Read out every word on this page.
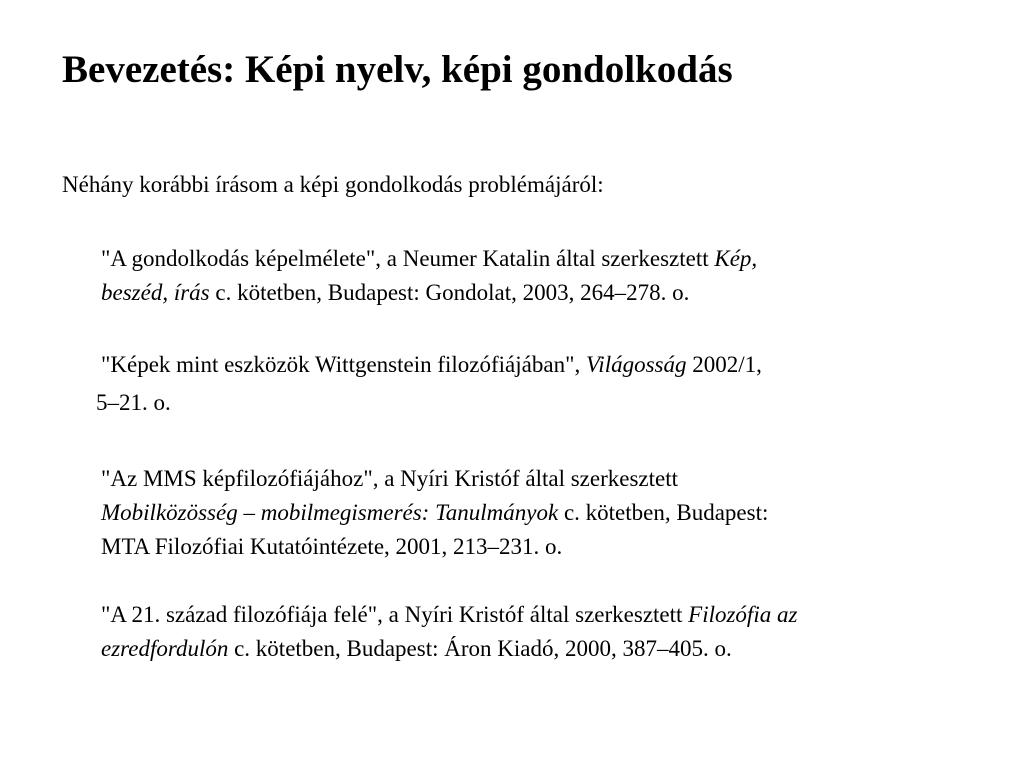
Bevezetés: Képi nyelv, képi gondolkodás

Néhány korábbi írásom a képi gondolkodás problémájáról:

"A gondolkodás képelmélete", a Neumer Katalin által szerkesztett Kép,
beszéd, írás c. kötetben, Budapest: Gondolat, 2003, 264–278. o.

"Képek mint eszközök Wittgenstein filozófiájában", Világosság 2002/1,

5–21. o.

"Az MMS képfilozófiájához", a Nyíri Kristóf által szerkesztett
Mobilközösség – mobilmegismerés: Tanulmányok c. kötetben, Budapest:
MTA Filozófiai Kutatóintézete, 2001, 213–231. o.

"A 21. század filozófiája felé", a Nyíri Kristóf által szerkesztett Filozófia az
ezredfordulón c. kötetben, Budapest: Áron Kiadó, 2000, 387–405. o.
